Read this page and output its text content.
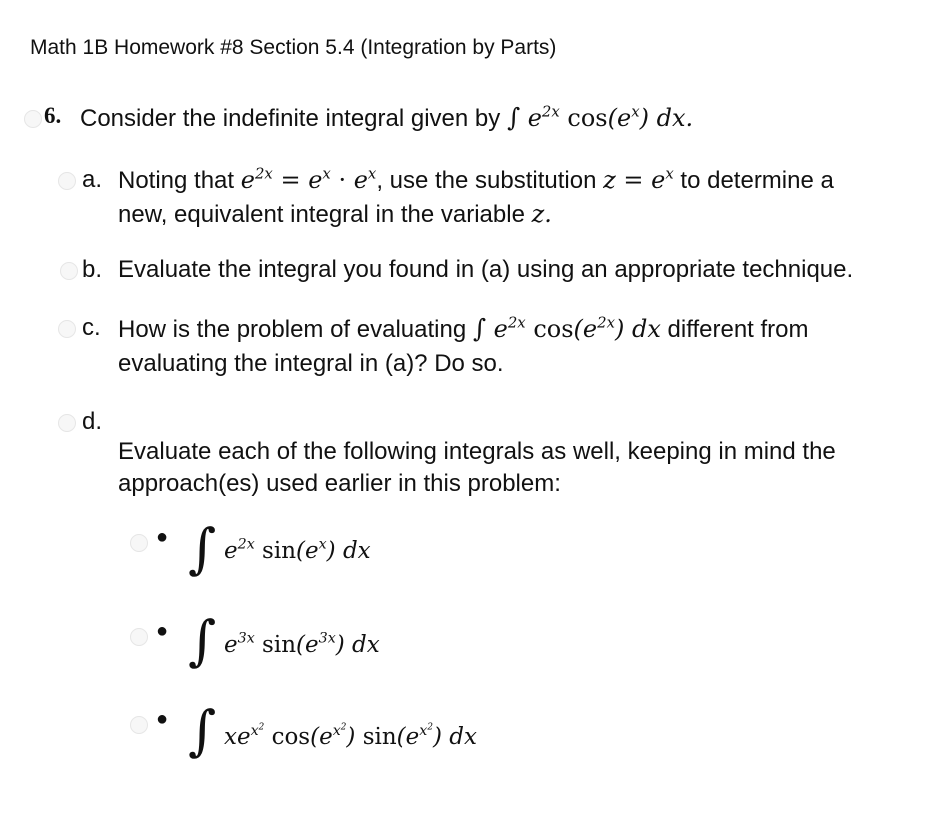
Math 1B Homework #8 Section 5.4 (Integration by Parts)
6. Consider the indefinite integral given by ∫ $e^{2x}$ $\cos(e^x)$ dx.
a. Noting that $e^{2x} = e^x \cdot e^x$, use the substitution $z = e^x$ to determine a
new, equivalent integral in the variable z.
b. Evaluate the integral you found in (a) using an appropriate technique.
c. How is the problem of evaluating ∫ $e^{2x}$ $\cos(e^{2x})$ dx different from
evaluating the integral in (a)? Do so.
d.
Evaluate each of the following integrals as well, keeping in mind the
approach(es) used earlier in this problem:
● ∫ $e^{2x}$ $\sin(e^x)$ dx
● ∫ $e^{3x}$ $\sin(e^{3x})$ dx
● ∫ $xe^{x^2}$ $\cos(e^{x^2})$ $\sin(e^{x^2})$ dx
